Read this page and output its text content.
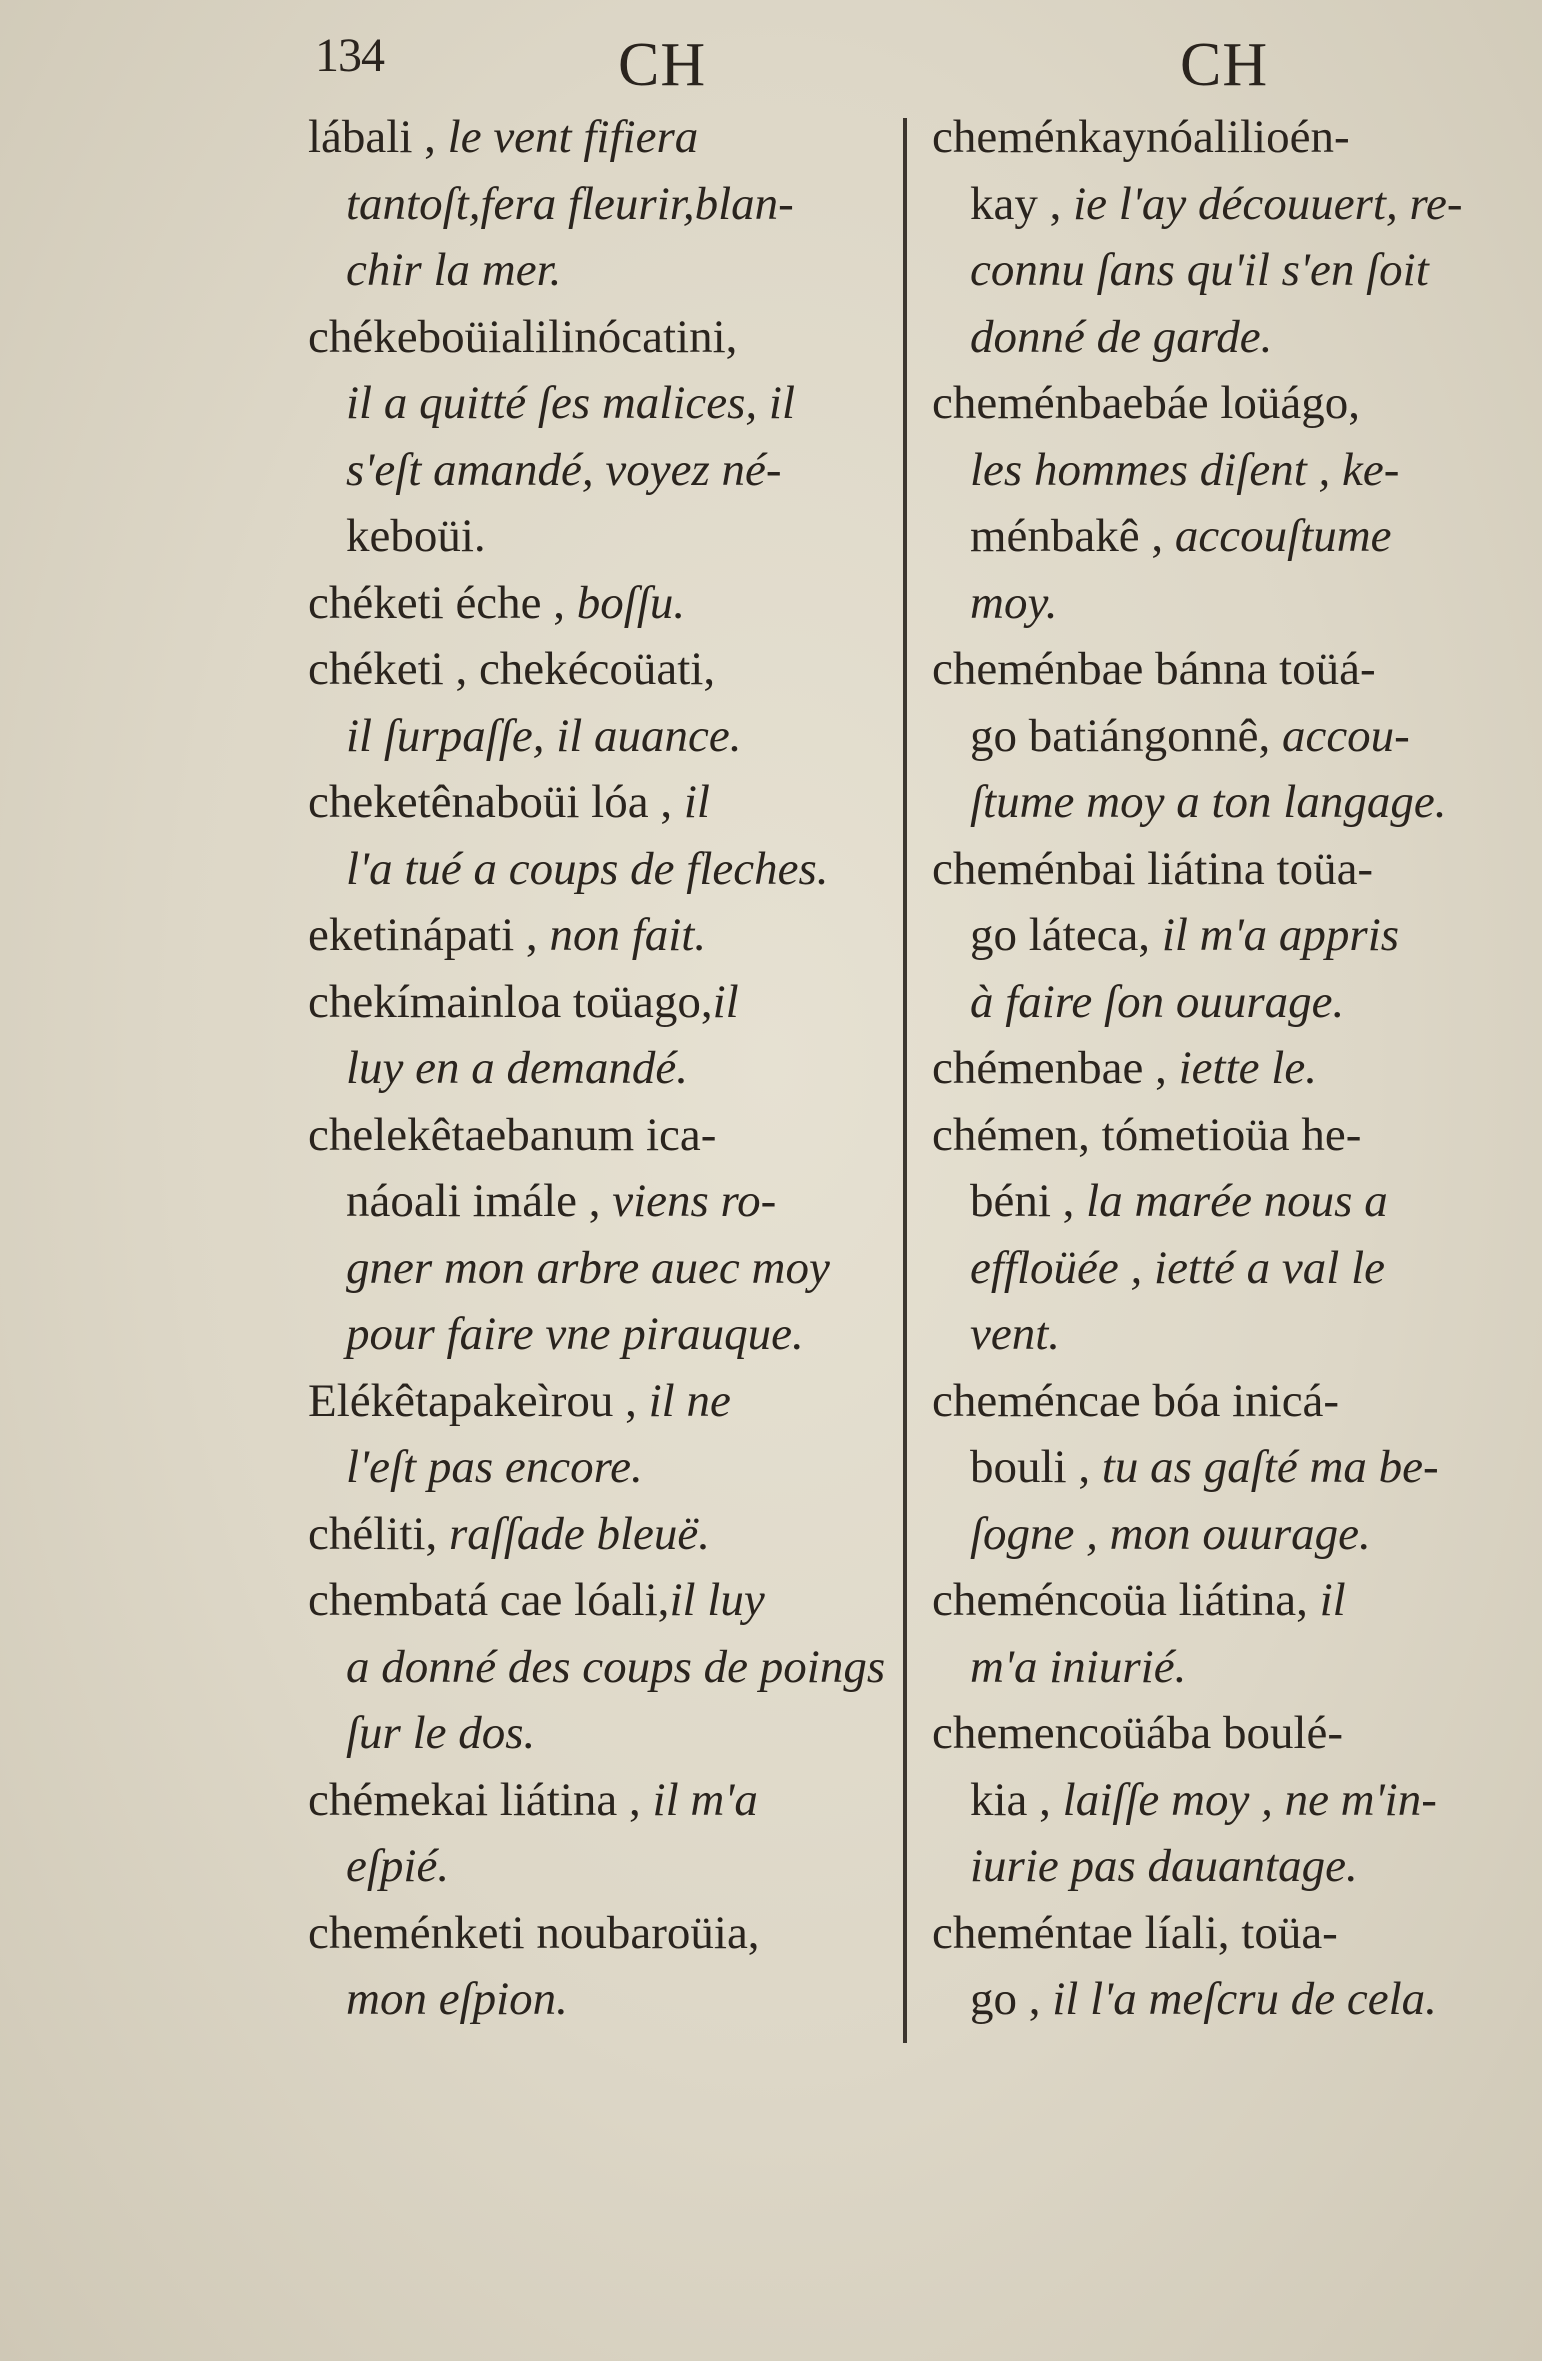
134	CH	CH
lábali , le vent fifiera
tantoſt,fera fleurir,blan-
chir la mer.
chékeboüialilinócatini,
il a quitté ſes malices, il
s'eſt amandé, voyez né-
keboüi.
chéketi éche , boſſu.
chéketi , chekécoüati,
il ſurpaſſe, il auance.
cheketênaboüi lóa , il
l'a tué a coups de fleches.
eketinápati , non fait.
chekímainloa toüago,il
luy en a demandé.
chelekêtaebanum ica-
náoali imále , viens ro-
gner mon arbre auec moy
pour faire vne pirauque.
Elékêtapakeìrou , il ne
l'eſt pas encore.
chéliti, raſſade bleuë.
chembatá cae lóali,il luy
a donné des coups de poings
ſur le dos.
chémekai liátina , il m'a
eſpié.
cheménketi noubaroüia,
mon eſpion.
cheménkaynóalilioén-
kay , ie l'ay découuert, re-
connu ſans qu'il s'en ſoit
donné de garde.
cheménbaebáe loüágo,
les hommes diſent , ke-
ménbakê , accouſtume
moy.
cheménbae bánna toüá-
go batiángonnê, accou-
ſtume moy a ton langage.
cheménbai liátina toüa-
go láteca, il m'a appris
à faire ſon ouurage.
chémenbae , iette le.
chémen, tómetioüa he-
béni , la marée nous a
effloüée , ietté a val le
vent.
cheméncae bóa inicá-
bouli , tu as gaſté ma be-
ſogne , mon ouurage.
cheméncoüa liátina, il
m'a iniurié.
chemencoüába boulé-
kia , laiſſe moy , ne m'in-
iurie pas dauantage.
cheméntae líali, toüa-
go , il l'a meſcru de cela.
